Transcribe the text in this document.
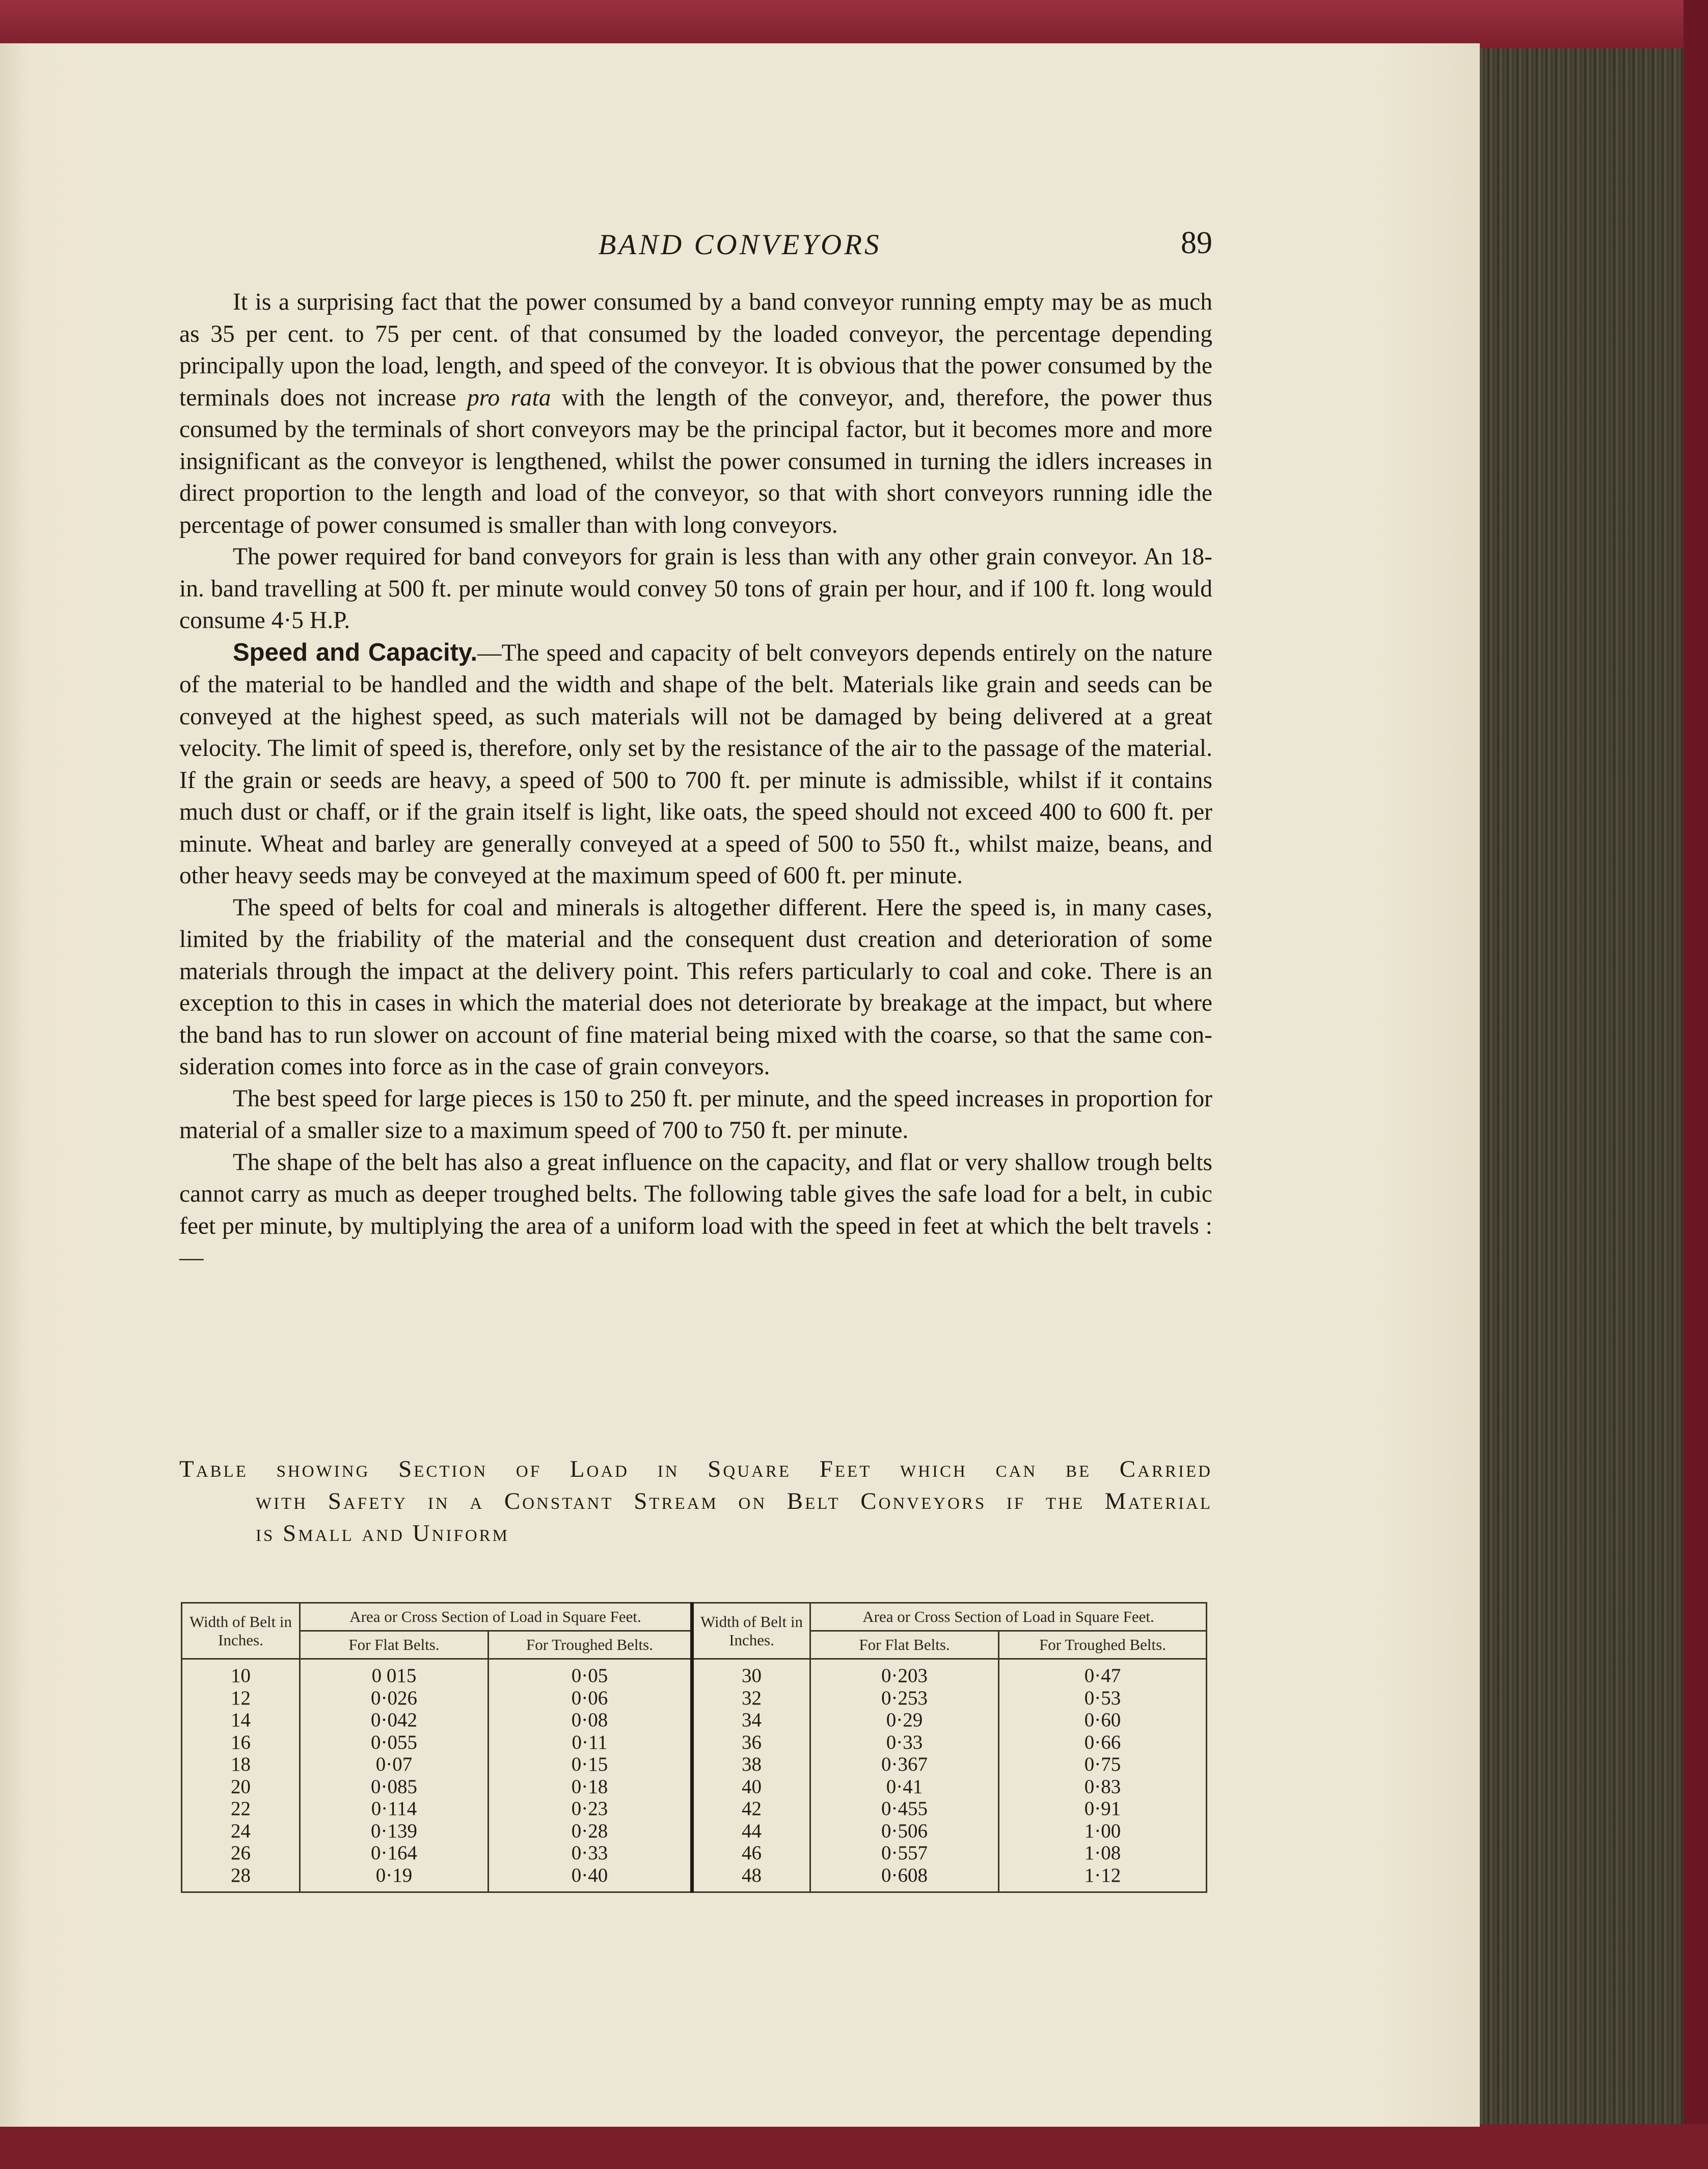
BAND CONVEYORS	89

It is a surprising fact that the power consumed by a band conveyor running empty may be as much as 35 per cent. to 75 per cent. of that consumed by the loaded conveyor, the percentage depending principally upon the load, length, and speed of the conveyor. It is obvious that the power consumed by the terminals does not increase pro rata with the length of the conveyor, and, therefore, the power thus consumed by the terminals of short conveyors may be the principal factor, but it becomes more and more insignificant as the conveyor is lengthened, whilst the power consumed in turning the idlers increases in direct proportion to the length and load of the conveyor, so that with short conveyors running idle the percentage of power consumed is smaller than with long conveyors.

The power required for band conveyors for grain is less than with any other grain conveyor. An 18-in. band travelling at 500 ft. per minute would convey 50 tons of grain per hour, and if 100 ft. long would consume 4·5 H.P.

Speed and Capacity.—The speed and capacity of belt conveyors depends entirely on the nature of the material to be handled and the width and shape of the belt. Materials like grain and seeds can be conveyed at the highest speed, as such materials will not be damaged by being delivered at a great velocity. The limit of speed is, therefore, only set by the resistance of the air to the passage of the material. If the grain or seeds are heavy, a speed of 500 to 700 ft. per minute is admissible, whilst if it contains much dust or chaff, or if the grain itself is light, like oats, the speed should not exceed 400 to 600 ft. per minute. Wheat and barley are generally conveyed at a speed of 500 to 550 ft., whilst maize, beans, and other heavy seeds may be conveyed at the maximum speed of 600 ft. per minute.

The speed of belts for coal and minerals is altogether different. Here the speed is, in many cases, limited by the friability of the material and the consequent dust creation and deterioration of some materials through the impact at the delivery point. This refers particularly to coal and coke. There is an exception to this in cases in which the material does not deteriorate by breakage at the impact, but where the band has to run slower on account of fine material being mixed with the coarse, so that the same consideration comes into force as in the case of grain conveyors.

The best speed for large pieces is 150 to 250 ft. per minute, and the speed increases in proportion for material of a smaller size to a maximum speed of 700 to 750 ft. per minute.

The shape of the belt has also a great influence on the capacity, and flat or very shallow trough belts cannot carry as much as deeper troughed belts. The following table gives the safe load for a belt, in cubic feet per minute, by multiplying the area of a uniform load with the speed in feet at which the belt travels :—

Table showing Section of Load in Square Feet which can be Carried
with Safety in a Constant Stream on Belt Conveyors if the Material
is Small and Uniform
Width of Belt in Inches.	Area or Cross Section of Load in Square Feet.		Width of Belt in Inches.	Area or Cross Section of Load in Square Feet.	
	For Flat Belts.	For Troughed Belts.		For Flat Belts.	For Troughed Belts.
10	0 015	0·05	30	0·203	0·47
12	0·026	0·06	32	0·253	0·53
14	0·042	0·08	34	0·29	0·60
16	0·055	0·11	36	0·33	0·66
18	0·07	0·15	38	0·367	0·75
20	0·085	0·18	40	0·41	0·83
22	0·114	0·23	42	0·455	0·91
24	0·139	0·28	44	0·506	1·00
26	0·164	0·33	46	0·557	1·08
28	0·19	0·40	48	0·608	1·12
